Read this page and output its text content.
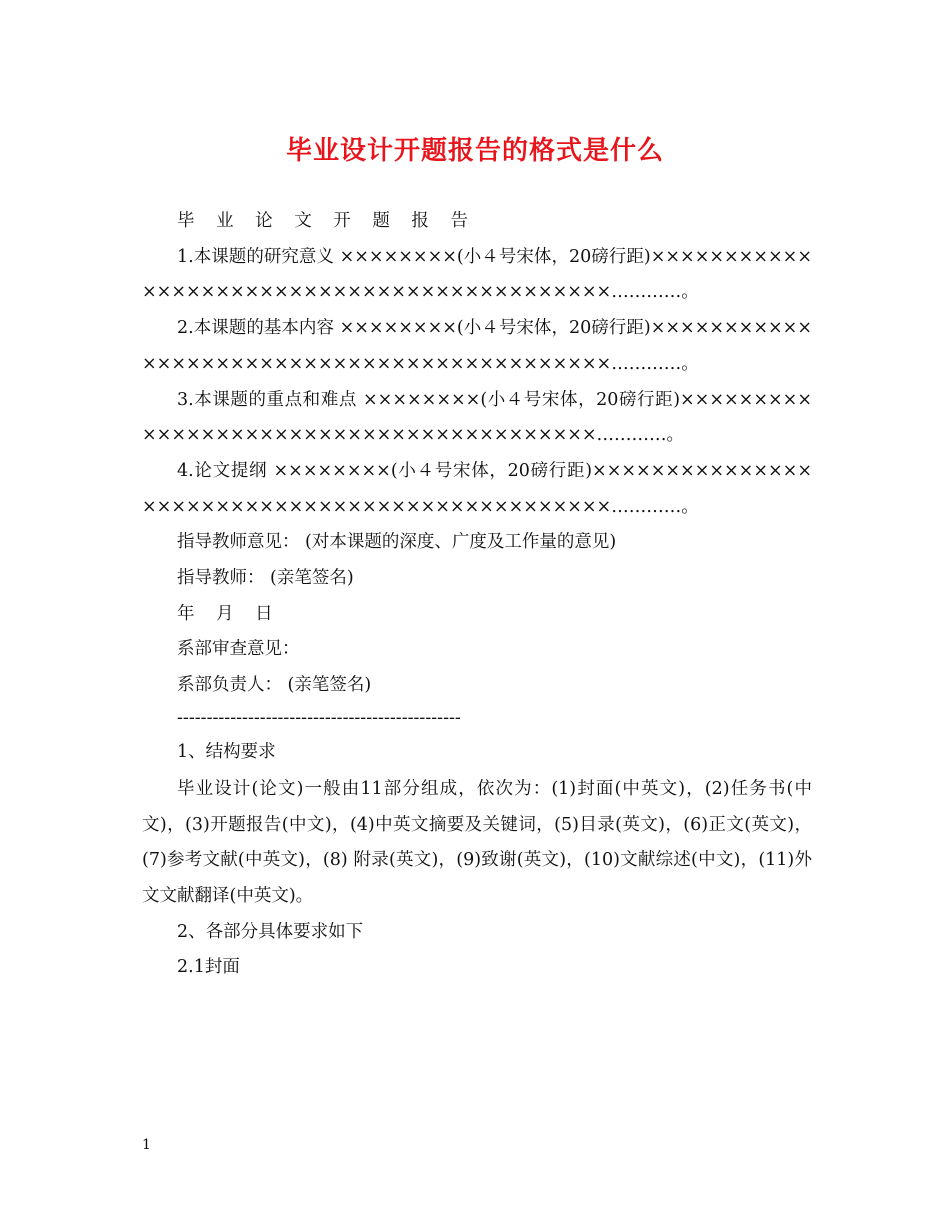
毕业设计开题报告的格式是什么

毕 业 论 文 开 题 报 告

1.本课题的研究意义 ××××××××(小４号宋体，20磅行距)×××××××××××××××××××××××××××××××××××××××××××…………。

2.本课题的基本内容 ××××××××(小４号宋体，20磅行距)×××××××××××××××××××××××××××××××××××××××××××…………。

3.本课题的重点和难点 ××××××××(小４号宋体，20磅行距)××××××××××××××××××××××××××××××××××××××××…………。

4.论文提纲 ××××××××(小４号宋体，20磅行距)×××××××××××××××××××××××××××××××××××××××××××××××…………。

指导教师意见： (对本课题的深度、广度及工作量的意见)

指导教师： (亲笔签名)

年 月 日

系部审查意见：

系部负责人： (亲笔签名)

------------------------------------------------

1、结构要求

毕业设计(论文)一般由11部分组成，依次为：(1)封面(中英文)，(2)任务书(中文)，(3)开题报告(中文)，(4)中英文摘要及关键词，(5)目录(英文)，(6)正文(英文)，(7)参考文献(中英文)，(8) 附录(英文)，(9)致谢(英文)，(10)文献综述(中文)，(11)外文文献翻译(中英文)。

2、各部分具体要求如下

2.1封面

1
